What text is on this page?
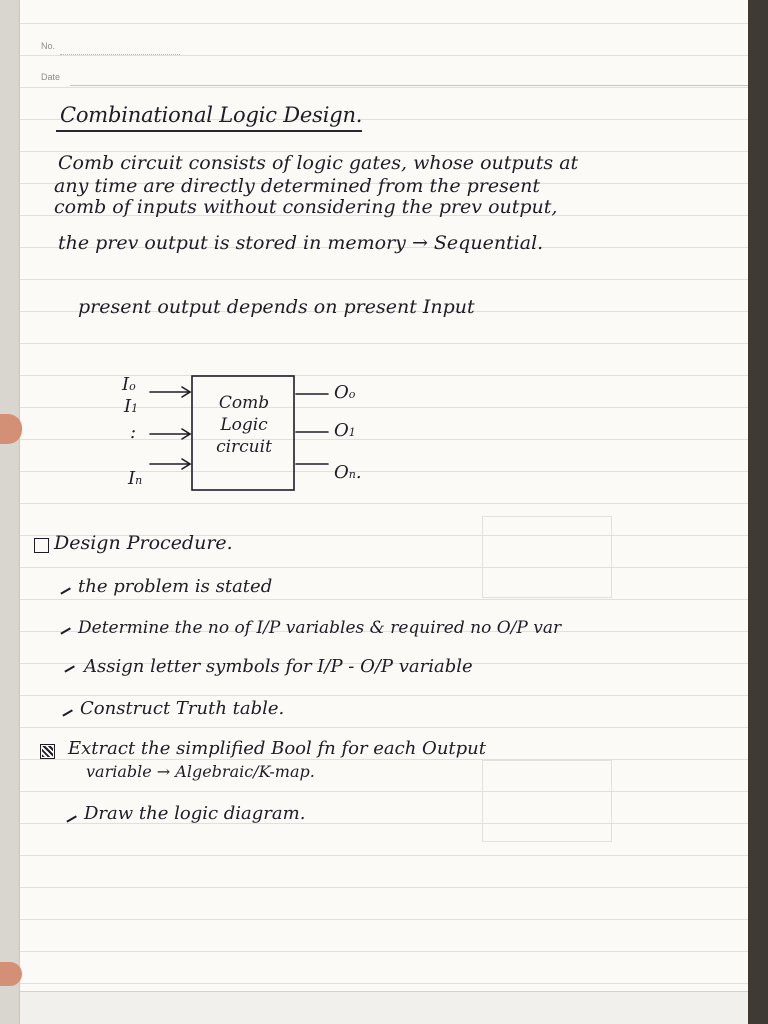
No.
Date
Combinational Logic Design.
Comb circuit consists of logic gates, whose outputs at
any time are directly determined from the present
comb of inputs without considering the prev output,
the prev output is stored in memory → Sequential.
present output depends on present Input
Io
I1
:
In
Comb
Logic
circuit
Oo
O1
On.
Design Procedure.
the problem is stated
Determine the no of I/P variables & required no O/P var
Assign letter symbols for I/P - O/P variable
Construct Truth table.
Extract the simplified Bool fn for each Output
variable → Algebraic/K-map.
Draw the logic diagram.
